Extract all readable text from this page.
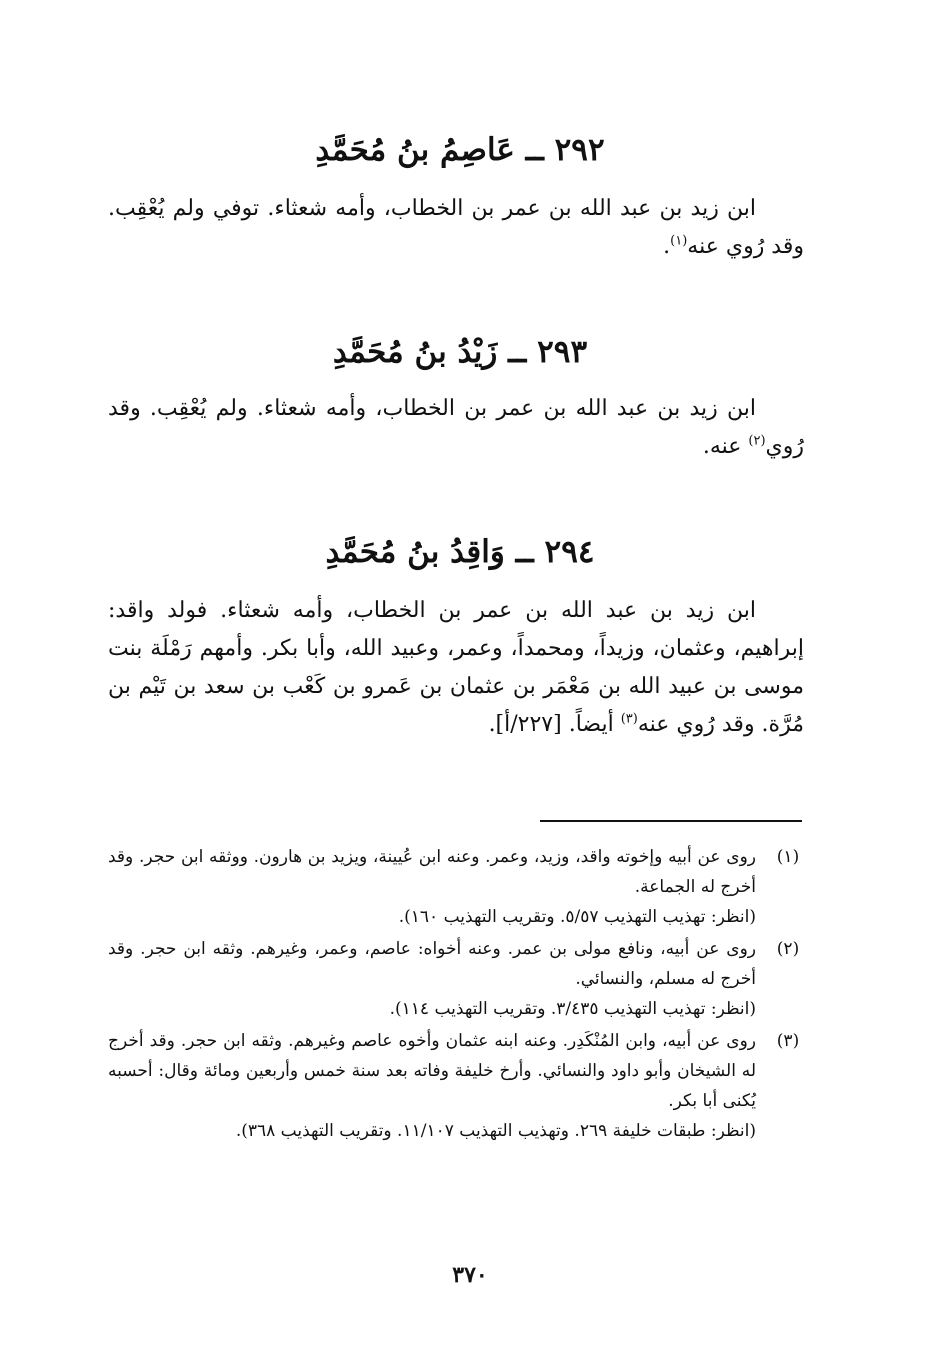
٢٩٢ ــ عَاصِمُ بنُ مُحَمَّدِ

ابن زيد بن عبد الله بن عمر بن الخطاب، وأمه شعثاء. توفي ولم يُعْقِب. وقد رُوي عنه$^{(١)}$.

٢٩٣ ــ زَيْدُ بنُ مُحَمَّدِ

ابن زيد بن عبد الله بن عمر بن الخطاب، وأمه شعثاء. ولم يُعْقِب. وقد رُوي$^{(٢)}$ عنه.

٢٩٤ ــ وَاقِدُ بنُ مُحَمَّدِ

ابن زيد بن عبد الله بن عمر بن الخطاب، وأمه شعثاء. فولد واقد: إبراهيم، وعثمان، وزيداً، ومحمداً، وعمر، وعبيد الله، وأبا بكر. وأمهم رَمْلَة بنت موسى بن عبيد الله بن مَعْمَر بن عثمان بن عَمرو بن كَعْب بن سعد بن تَيْم بن مُرَّة. وقد رُوي عنه$^{(٣)}$ أيضاً. [٢٢٧/أ].

(١)
روى عن أبيه وإخوته واقد، وزيد، وعمر. وعنه ابن عُيينة، ويزيد بن هارون. ووثقه ابن حجر. وقد أخرج له الجماعة.
(انظر: تهذيب التهذيب ٥/٥٧. وتقريب التهذيب ١٦٠).
(٢)
روى عن أبيه، ونافع مولى بن عمر. وعنه أخواه: عاصم، وعمر، وغيرهم. وثقه ابن حجر. وقد أخرج له مسلم، والنسائي.
(انظر: تهذيب التهذيب ٣/٤٣٥. وتقريب التهذيب ١١٤).
(٣)
روى عن أبيه، وابن المُنْكَدِر. وعنه ابنه عثمان وأخوه عاصم وغيرهم. وثقه ابن حجر. وقد أخرج له الشيخان وأبو داود والنسائي. وأرخ خليفة وفاته بعد سنة خمس وأربعين ومائة وقال: أحسبه يُكنى أبا بكر.
(انظر: طبقات خليفة ٢٦٩. وتهذيب التهذيب ١١/١٠٧. وتقريب التهذيب ٣٦٨).
٣٧٠
